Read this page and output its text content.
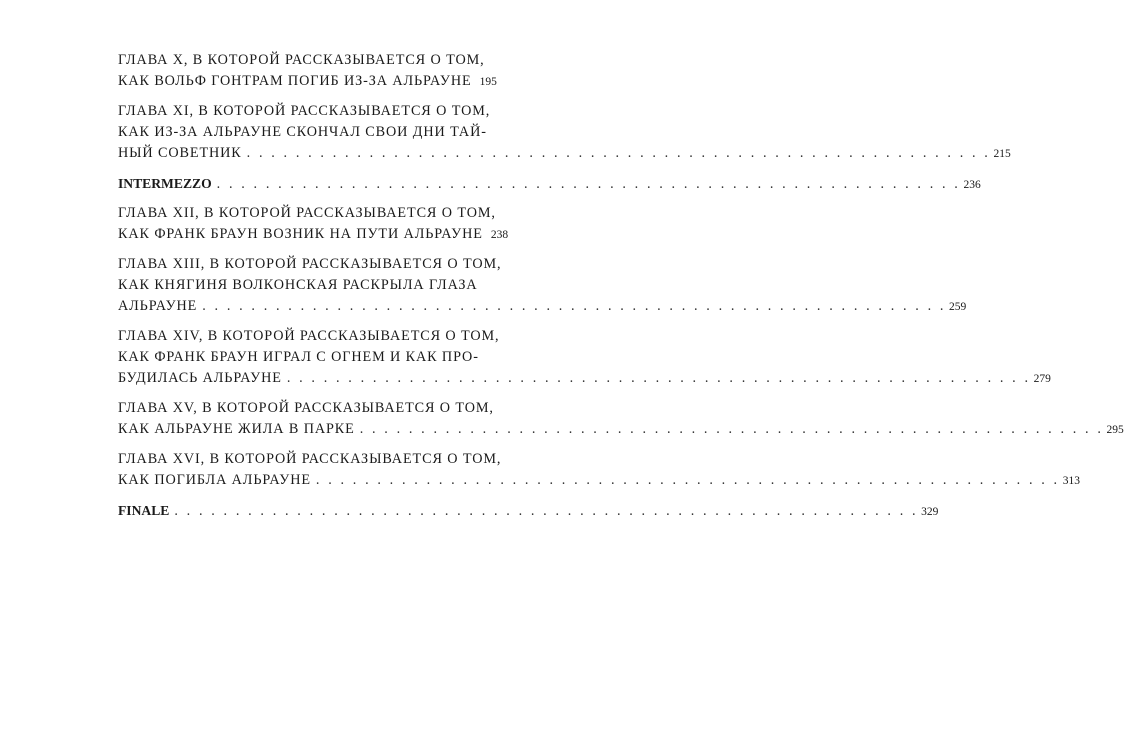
ГЛАВА X, В КОТОРОЙ РАССКАЗЫВАЕТСЯ О ТОМ,
КАК ВОЛЬФ ГОНТРАМ ПОГИБ ИЗ-ЗА АЛЬРАУНЕ 195
ГЛАВА XI, В КОТОРОЙ РАССКАЗЫВАЕТСЯ О ТОМ,
КАК ИЗ-ЗА АЛЬРАУНЕ СКОНЧАЛ СВОИ ДНИ ТАЙ-
НЫЙ СОВЕТНИК . . . . . . . . . . . . . . . . . . . . . . . . . . . . . . . . . . . . . . . . . . . . . . . . . . . . . . . . . . . . . 215
INTERMEZZO . . . . . . . . . . . . . . . . . . . . . . . . . . . . . . . . . . . . . . . . . . . . . . . . . . . . . . . . . . . . . 236
ГЛАВА XII, В КОТОРОЙ РАССКАЗЫВАЕТСЯ О ТОМ,
КАК ФРАНК БРАУН ВОЗНИК НА ПУТИ АЛЬРАУНЕ 238
ГЛАВА XIII, В КОТОРОЙ РАССКАЗЫВАЕТСЯ О ТОМ,
КАК КНЯГИНЯ ВОЛКОНСКАЯ РАСКРЫЛА ГЛАЗА
АЛЬРАУНЕ . . . . . . . . . . . . . . . . . . . . . . . . . . . . . . . . . . . . . . . . . . . . . . . . . . . . . . . . . . . . . 259
ГЛАВА XIV, В КОТОРОЙ РАССКАЗЫВАЕТСЯ О ТОМ,
КАК ФРАНК БРАУН ИГРАЛ С ОГНЕМ И КАК ПРО-
БУДИЛАСЬ АЛЬРАУНЕ . . . . . . . . . . . . . . . . . . . . . . . . . . . . . . . . . . . . . . . . . . . . . . . . . . . . . . . . . . . . . 279
ГЛАВА XV, В КОТОРОЙ РАССКАЗЫВАЕТСЯ О ТОМ,
КАК АЛЬРАУНЕ ЖИЛА В ПАРКЕ . . . . . . . . . . . . . . . . . . . . . . . . . . . . . . . . . . . . . . . . . . . . . . . . . . . . . . . . . . . . . 295
ГЛАВА XVI, В КОТОРОЙ РАССКАЗЫВАЕТСЯ О ТОМ,
КАК ПОГИБЛА АЛЬРАУНЕ . . . . . . . . . . . . . . . . . . . . . . . . . . . . . . . . . . . . . . . . . . . . . . . . . . . . . . . . . . . . . 313
FINALE . . . . . . . . . . . . . . . . . . . . . . . . . . . . . . . . . . . . . . . . . . . . . . . . . . . . . . . . . . . . . 329
